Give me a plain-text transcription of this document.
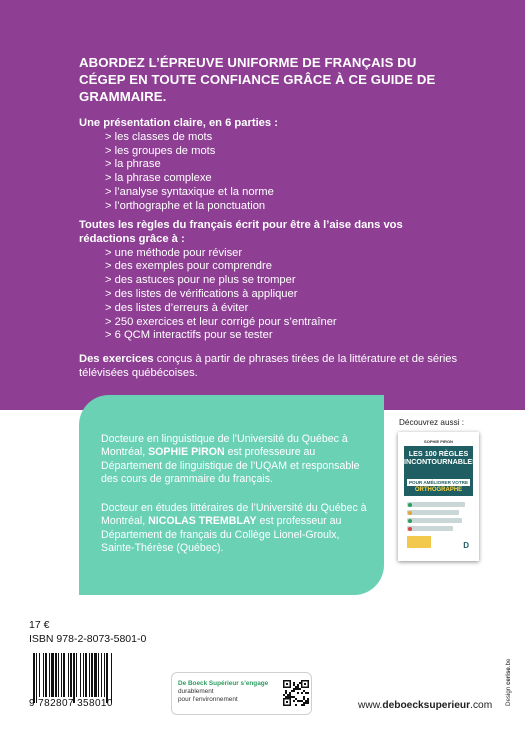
ABORDEZ L’ÉPREUVE UNIFORME DE FRANÇAIS DU CÉGEP EN TOUTE CONFIANCE GRÂCE À CE GUIDE DE GRAMMAIRE.
Une présentation claire, en 6 parties :
> les classes de mots
> les groupes de mots
> la phrase
> la phrase complexe
> l’analyse syntaxique et la norme
> l’orthographe et la ponctuation
Toutes les règles du français écrit pour être à l’aise dans vos rédactions grâce à :
> une méthode pour réviser
> des exemples pour comprendre
> des astuces pour ne plus se tromper
> des listes de vérifications à appliquer
> des listes d’erreurs à éviter
> 250 exercices et leur corrigé pour s’entraîner
> 6 QCM interactifs pour se tester
Des exercices conçus à partir de phrases tirées de la littérature et de séries télévisées québécoises.
Docteure en linguistique de l’Université du Québec à Montréal, SOPHIE PIRON est professeure au Département de linguistique de l’UQAM et responsable des cours de grammaire du français.
Docteur en études littéraires de l’Université du Québec à Montréal, NICOLAS TREMBLAY est professeur au Département de français du Collège Lionel-Groulx, Sainte-Thérèse (Québec).
Découvrez aussi :
SOPHIE PIRON
LES 100 RÈGLES INCONTOURNABLES
POUR AMÉLIORER VOTRE
ORTHOGRAPHE
D
17 €
ISBN 978-2-8073-5801-0
9 782807 358010
De Boeck Supérieur s’engage
durablement
pour l’environnement
www.deboecksuperieur.com Design cerise.be
